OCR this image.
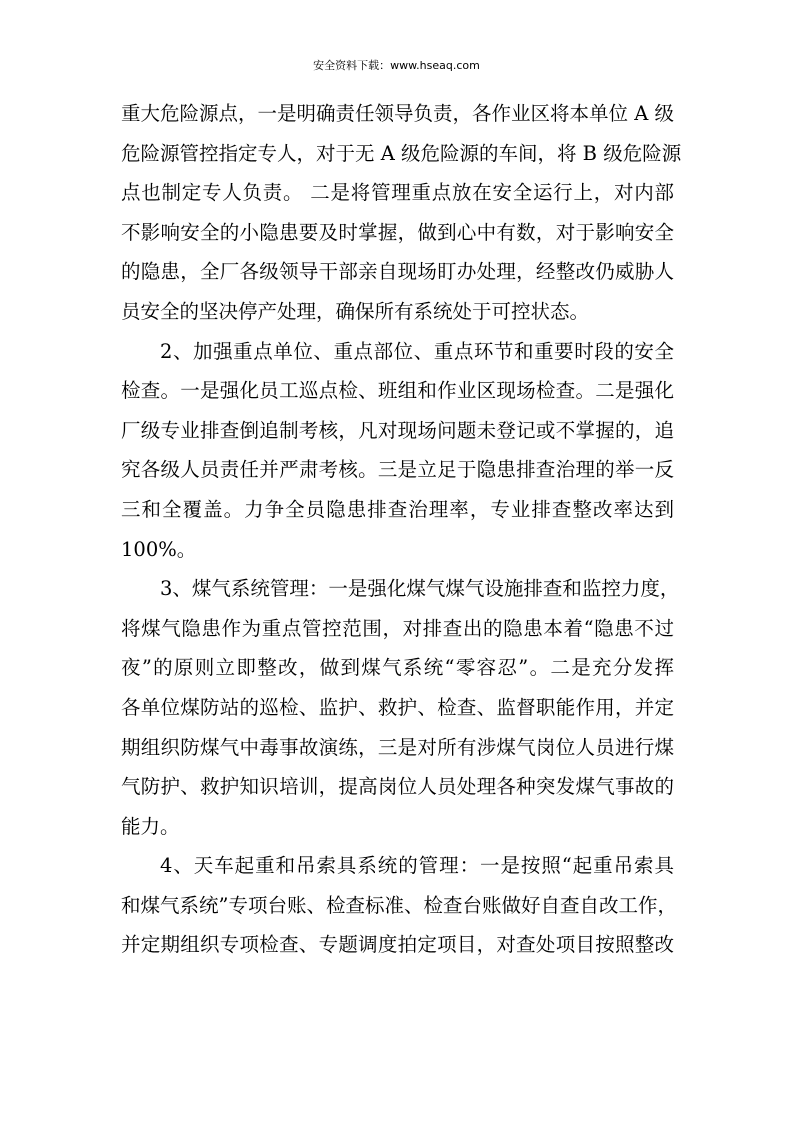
安全资料下载：www.hseaq.com
重大危险源点，一是明确责任领导负责，各作业区将本单位 A 级
危险源管控指定专人，对于无 A 级危险源的车间，将 B 级危险源
点也制定专人负责。 二是将管理重点放在安全运行上，对内部
不影响安全的小隐患要及时掌握，做到心中有数，对于影响安全
的隐患，全厂各级领导干部亲自现场盯办处理，经整改仍威胁人
员安全的坚决停产处理，确保所有系统处于可控状态。
2、加强重点单位、重点部位、重点环节和重要时段的安全
检查。一是强化员工巡点检、班组和作业区现场检查。二是强化
厂级专业排查倒追制考核，凡对现场问题未登记或不掌握的，追
究各级人员责任并严肃考核。三是立足于隐患排查治理的举一反
三和全覆盖。力争全员隐患排查治理率，专业排查整改率达到
100%。
3、煤气系统管理：一是强化煤气煤气设施排查和监控力度，
将煤气隐患作为重点管控范围，对排查出的隐患本着“隐患不过
夜”的原则立即整改，做到煤气系统“零容忍”。二是充分发挥
各单位煤防站的巡检、监护、救护、检查、监督职能作用，并定
期组织防煤气中毒事故演练，三是对所有涉煤气岗位人员进行煤
气防护、救护知识培训，提高岗位人员处理各种突发煤气事故的
能力。
4、天车起重和吊索具系统的管理：一是按照“起重吊索具
和煤气系统”专项台账、检查标准、检查台账做好自查自改工作，
并定期组织专项检查、专题调度拍定项目，对查处项目按照整改
